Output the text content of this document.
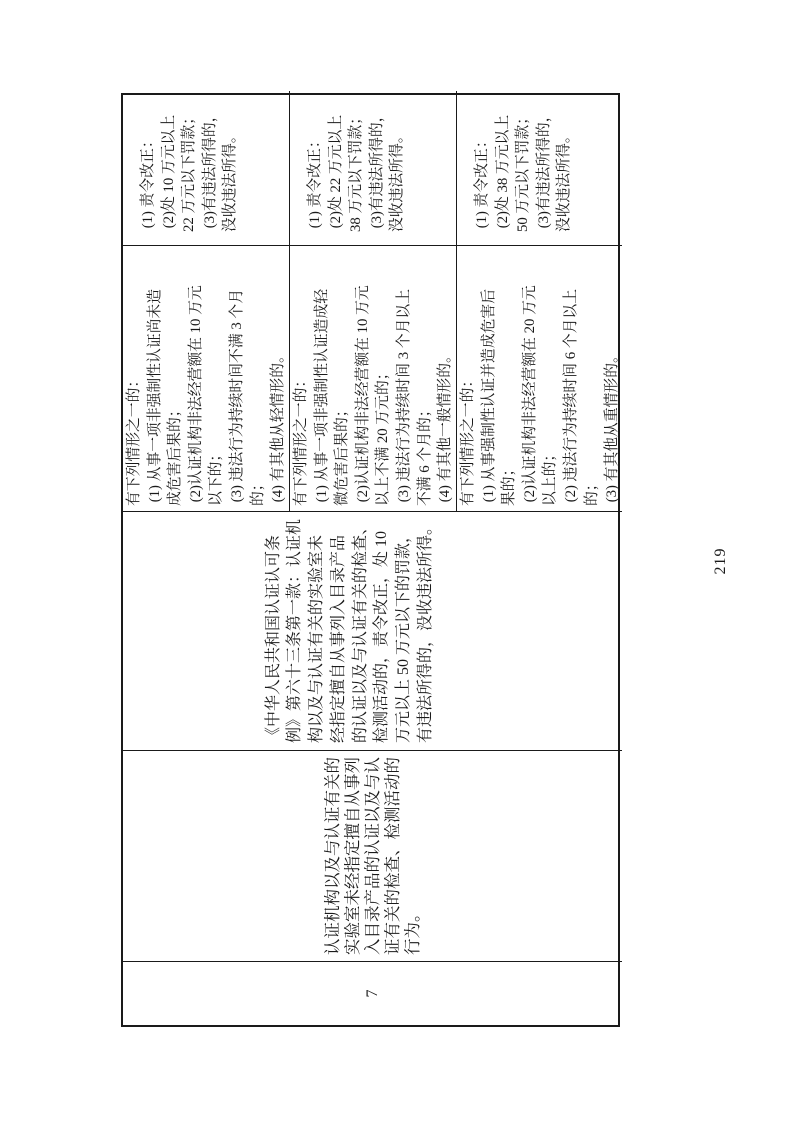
7
认证机构以及与认证有关的 实验室未经指定擅自从事列 入目录产品的认证以及与认 证有关的检查、检测活动的 行为。
《中华人民共和国认证认可条 例》第六十三条第一款：认证机 构以及与认证有关的实验室未 经指定擅自从事列入目录产品 的认证以及与认证有关的检查、 检测活动的，责令改正，处 10 万元以上 50 万元以下的罚款， 有违法所得的，没收违法所得。
有下列情形之一的： (1) 从事一项非强制性认证尚未造 成危害后果的； (2)认证机构非法经营额在 10 万元 以下的； (3) 违法行为持续时间不满 3 个月 的； (4) 有其他从轻情形的。
(1) 责令改正： (2)处 10 万元以上 22 万元以下罚款； (3)有违法所得的， 没收违法所得。
有下列情形之一的： (1) 从事一项非强制性认证造成轻 微危害后果的； (2)认证机构非法经营额在 10 万元 以上不满 20 万元的； (3) 违法行为持续时间 3 个月以上 不满 6 个月的； (4) 有其他一般情形的。
(1) 责令改正： (2)处 22 万元以上 38 万元以下罚款； (3)有违法所得的， 没收违法所得。
有下列情形之一的： (1) 从事强制性认证并造成危害后 果的； (2)认证机构非法经营额在 20 万元 以上的； (2) 违法行为持续时间 6 个月以上 的； (3) 有其他从重情形的。
(1) 责令改正： (2)处 38 万元以上 50 万元以下罚款； (3)有违法所得的， 没收违法所得。
219
